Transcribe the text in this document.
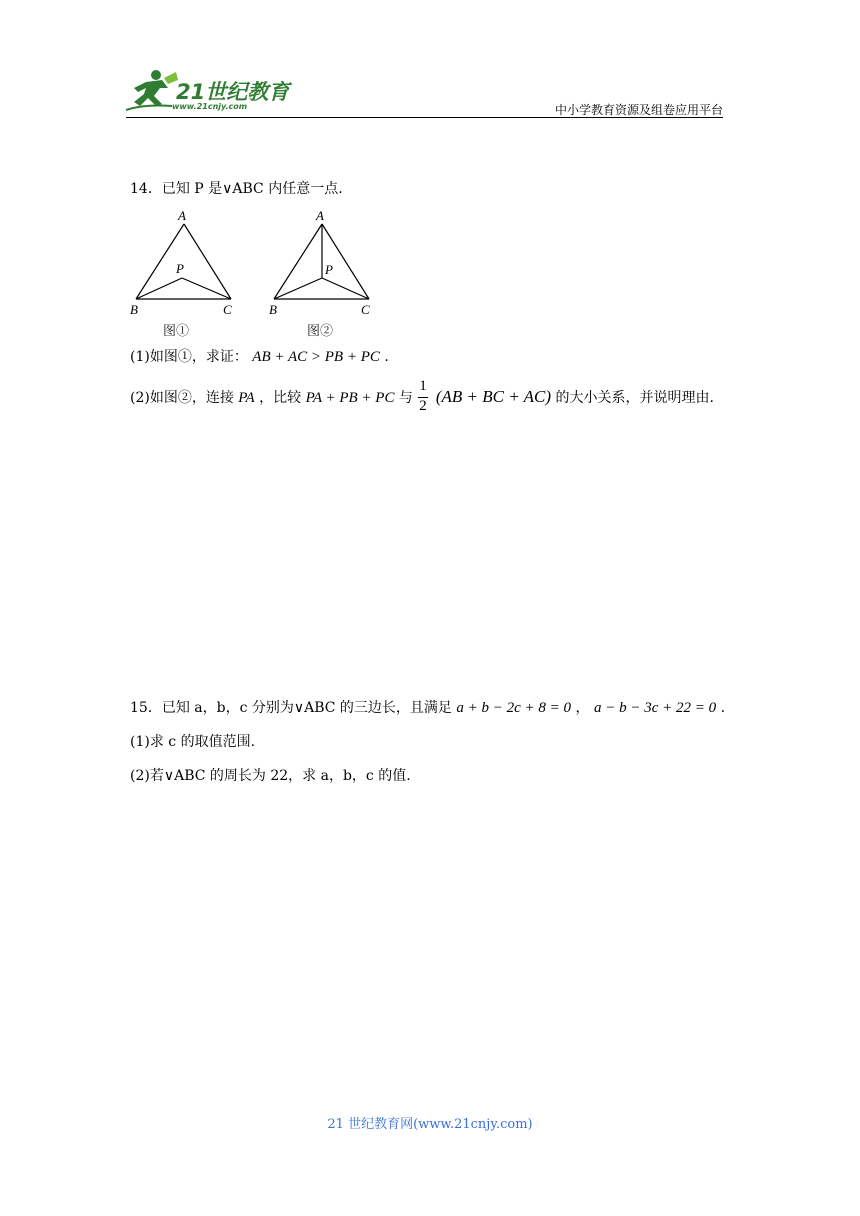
21世纪教育
www.21cnjy.com	中小学教育资源及组卷应用平台
14．已知 P 是∨ABC 内任意一点.
A
P
B	C
图①
A
P
B	C
图②
(1)如图①，求证： AB + AC > PB + PC .
(2)如图②，连接 PA ，比较 PA + PB + PC 与 (AB + BC + AC) 的大小关系，并说明理由.
1
2
15．已知 a，b，c 分别为∨ABC 的三边长，且满足 a + b − 2c + 8 = 0 ， a − b − 3c + 22 = 0 .
(1)求 c 的取值范围.
(2)若∨ABC 的周长为 22，求 a，b，c 的值.
21 世纪教育网(www.21cnjy.com)
